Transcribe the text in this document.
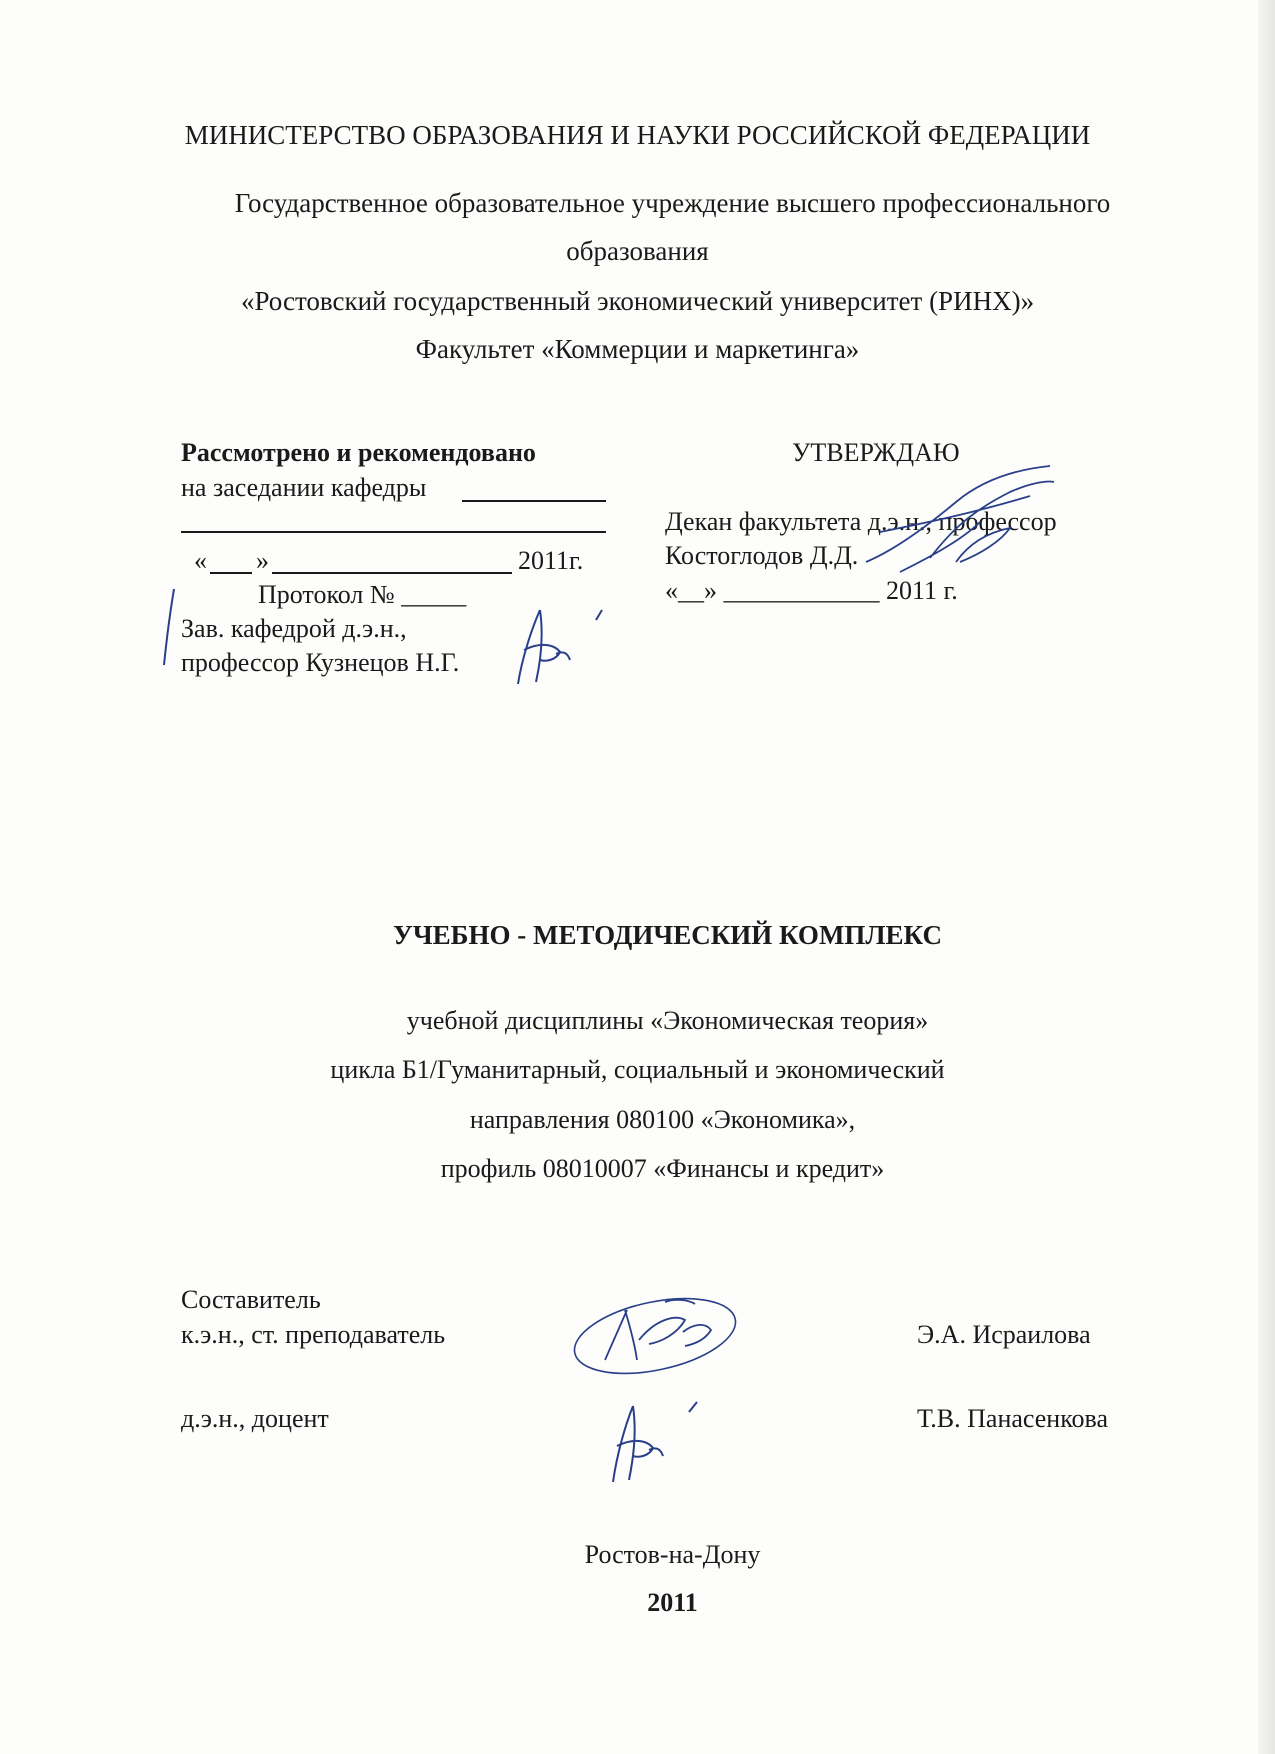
МИНИСТЕРСТВО ОБРАЗОВАНИЯ И НАУКИ РОССИЙСКОЙ ФЕДЕРАЦИИ
Государственное образовательное учреждение высшего профессионального
образования
«Ростовский государственный экономический университет (РИНХ)»
Факультет «Коммерции и маркетинга»
Рассмотрено и рекомендовано
на заседании кафедры
« »	2011г.
Протокол № _____
Зав. кафедрой д.э.н.,
профессор Кузнецов Н.Г.
УТВЕРЖДАЮ
Декан факультета д.э.н., профессор
Костоглодов Д.Д.
«__» ____________ 2011 г.
УЧЕБНО - МЕТОДИЧЕСКИЙ КОМПЛЕКС
учебной дисциплины «Экономическая теория»
цикла Б1/Гуманитарный, социальный и экономический
направления 080100 «Экономика»,
профиль 08010007 «Финансы и кредит»
Составитель
к.э.н., ст. преподаватель	Э.А. Исраилова
д.э.н., доцент	Т.В. Панасенкова
Ростов-на-Дону
2011
